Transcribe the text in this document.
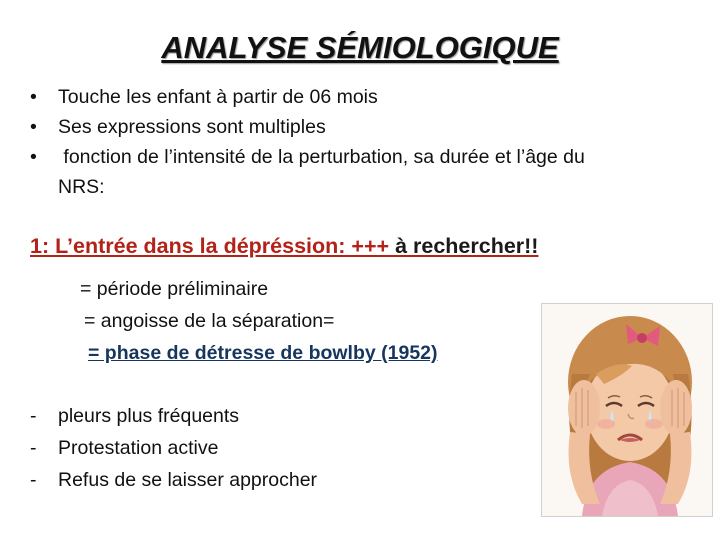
ANALYSE SÉMIOLOGIQUE
•	Touche les enfant à partir de 06 mois
•	Ses expressions sont multiples
•	fonction de l’intensité de la perturbation, sa durée et l’âge du
NRS:

1: L’entrée dans la dépréssion: +++ à rechercher!!

= période préliminaire

= angoisse de la séparation=

= phase de détresse de bowlby (1952)

- pleurs plus fréquents
- Protestation active
- Refus de se laisser approcher
